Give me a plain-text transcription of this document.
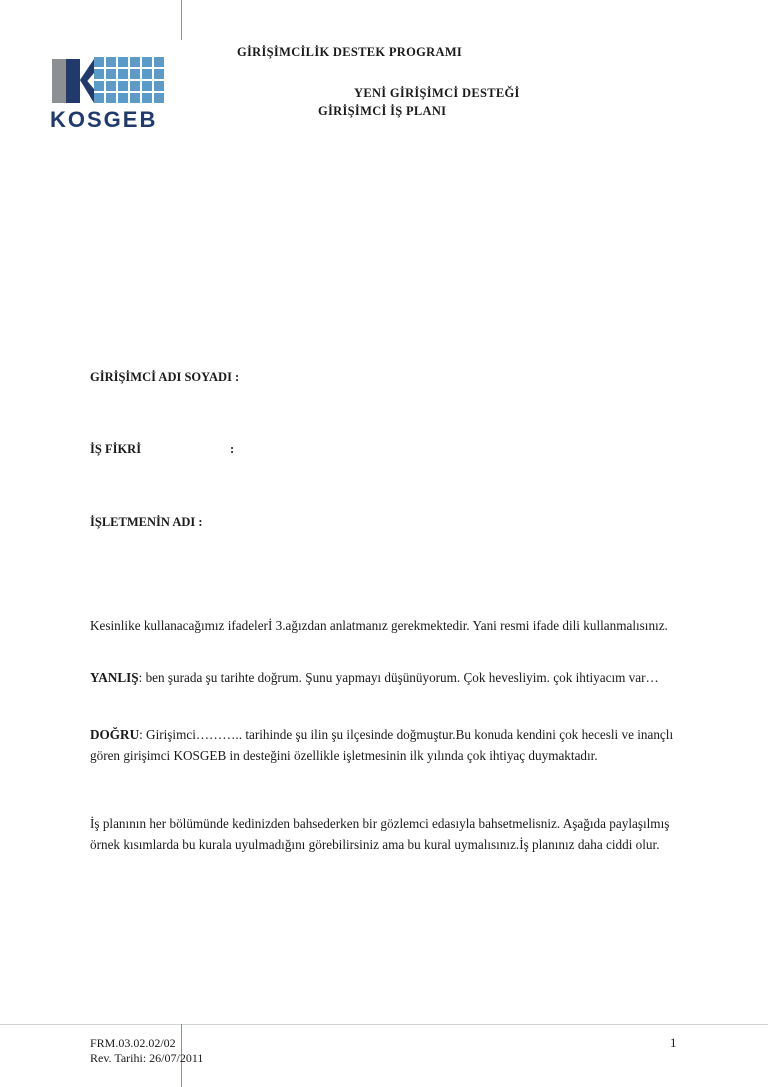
KOSGEB
GİRİŞİMCİLİK DESTEK PROGRAMI
YENİ GİRİŞİMCİ DESTEĞİ
GİRİŞİMCİ İŞ PLANI
GİRİŞİMCİ ADI SOYADI :
İŞ FİKRİ	:
İŞLETMENİN ADI :
Kesinlike kullanacağımız ifadelerİ 3.ağızdan anlatmanız gerekmektedir. Yani resmi ifade dili kullanmalısınız.
YANLIŞ: ben şurada şu tarihte doğrum. Şunu yapmayı düşünüyorum. Çok hevesliyim. çok ihtiyacım var…
DOĞRU: Girişimci……….. tarihinde şu ilin şu ilçesinde doğmuştur.Bu konuda kendini çok hecesli ve inançlı gören girişimci KOSGEB in desteğini özellikle işletmesinin ilk yılında çok ihtiyaç duymaktadır.
İş planının her bölümünde kedinizden bahsederken bir gözlemci edasıyla bahsetmelisniz. Aşağıda paylaşılmış örnek kısımlarda bu kurala uyulmadığını görebilirsiniz ama bu kural uymalısınız.İş planınız daha ciddi olur.
FRM.03.02.02/02
Rev. Tarihi: 26/07/2011
1
